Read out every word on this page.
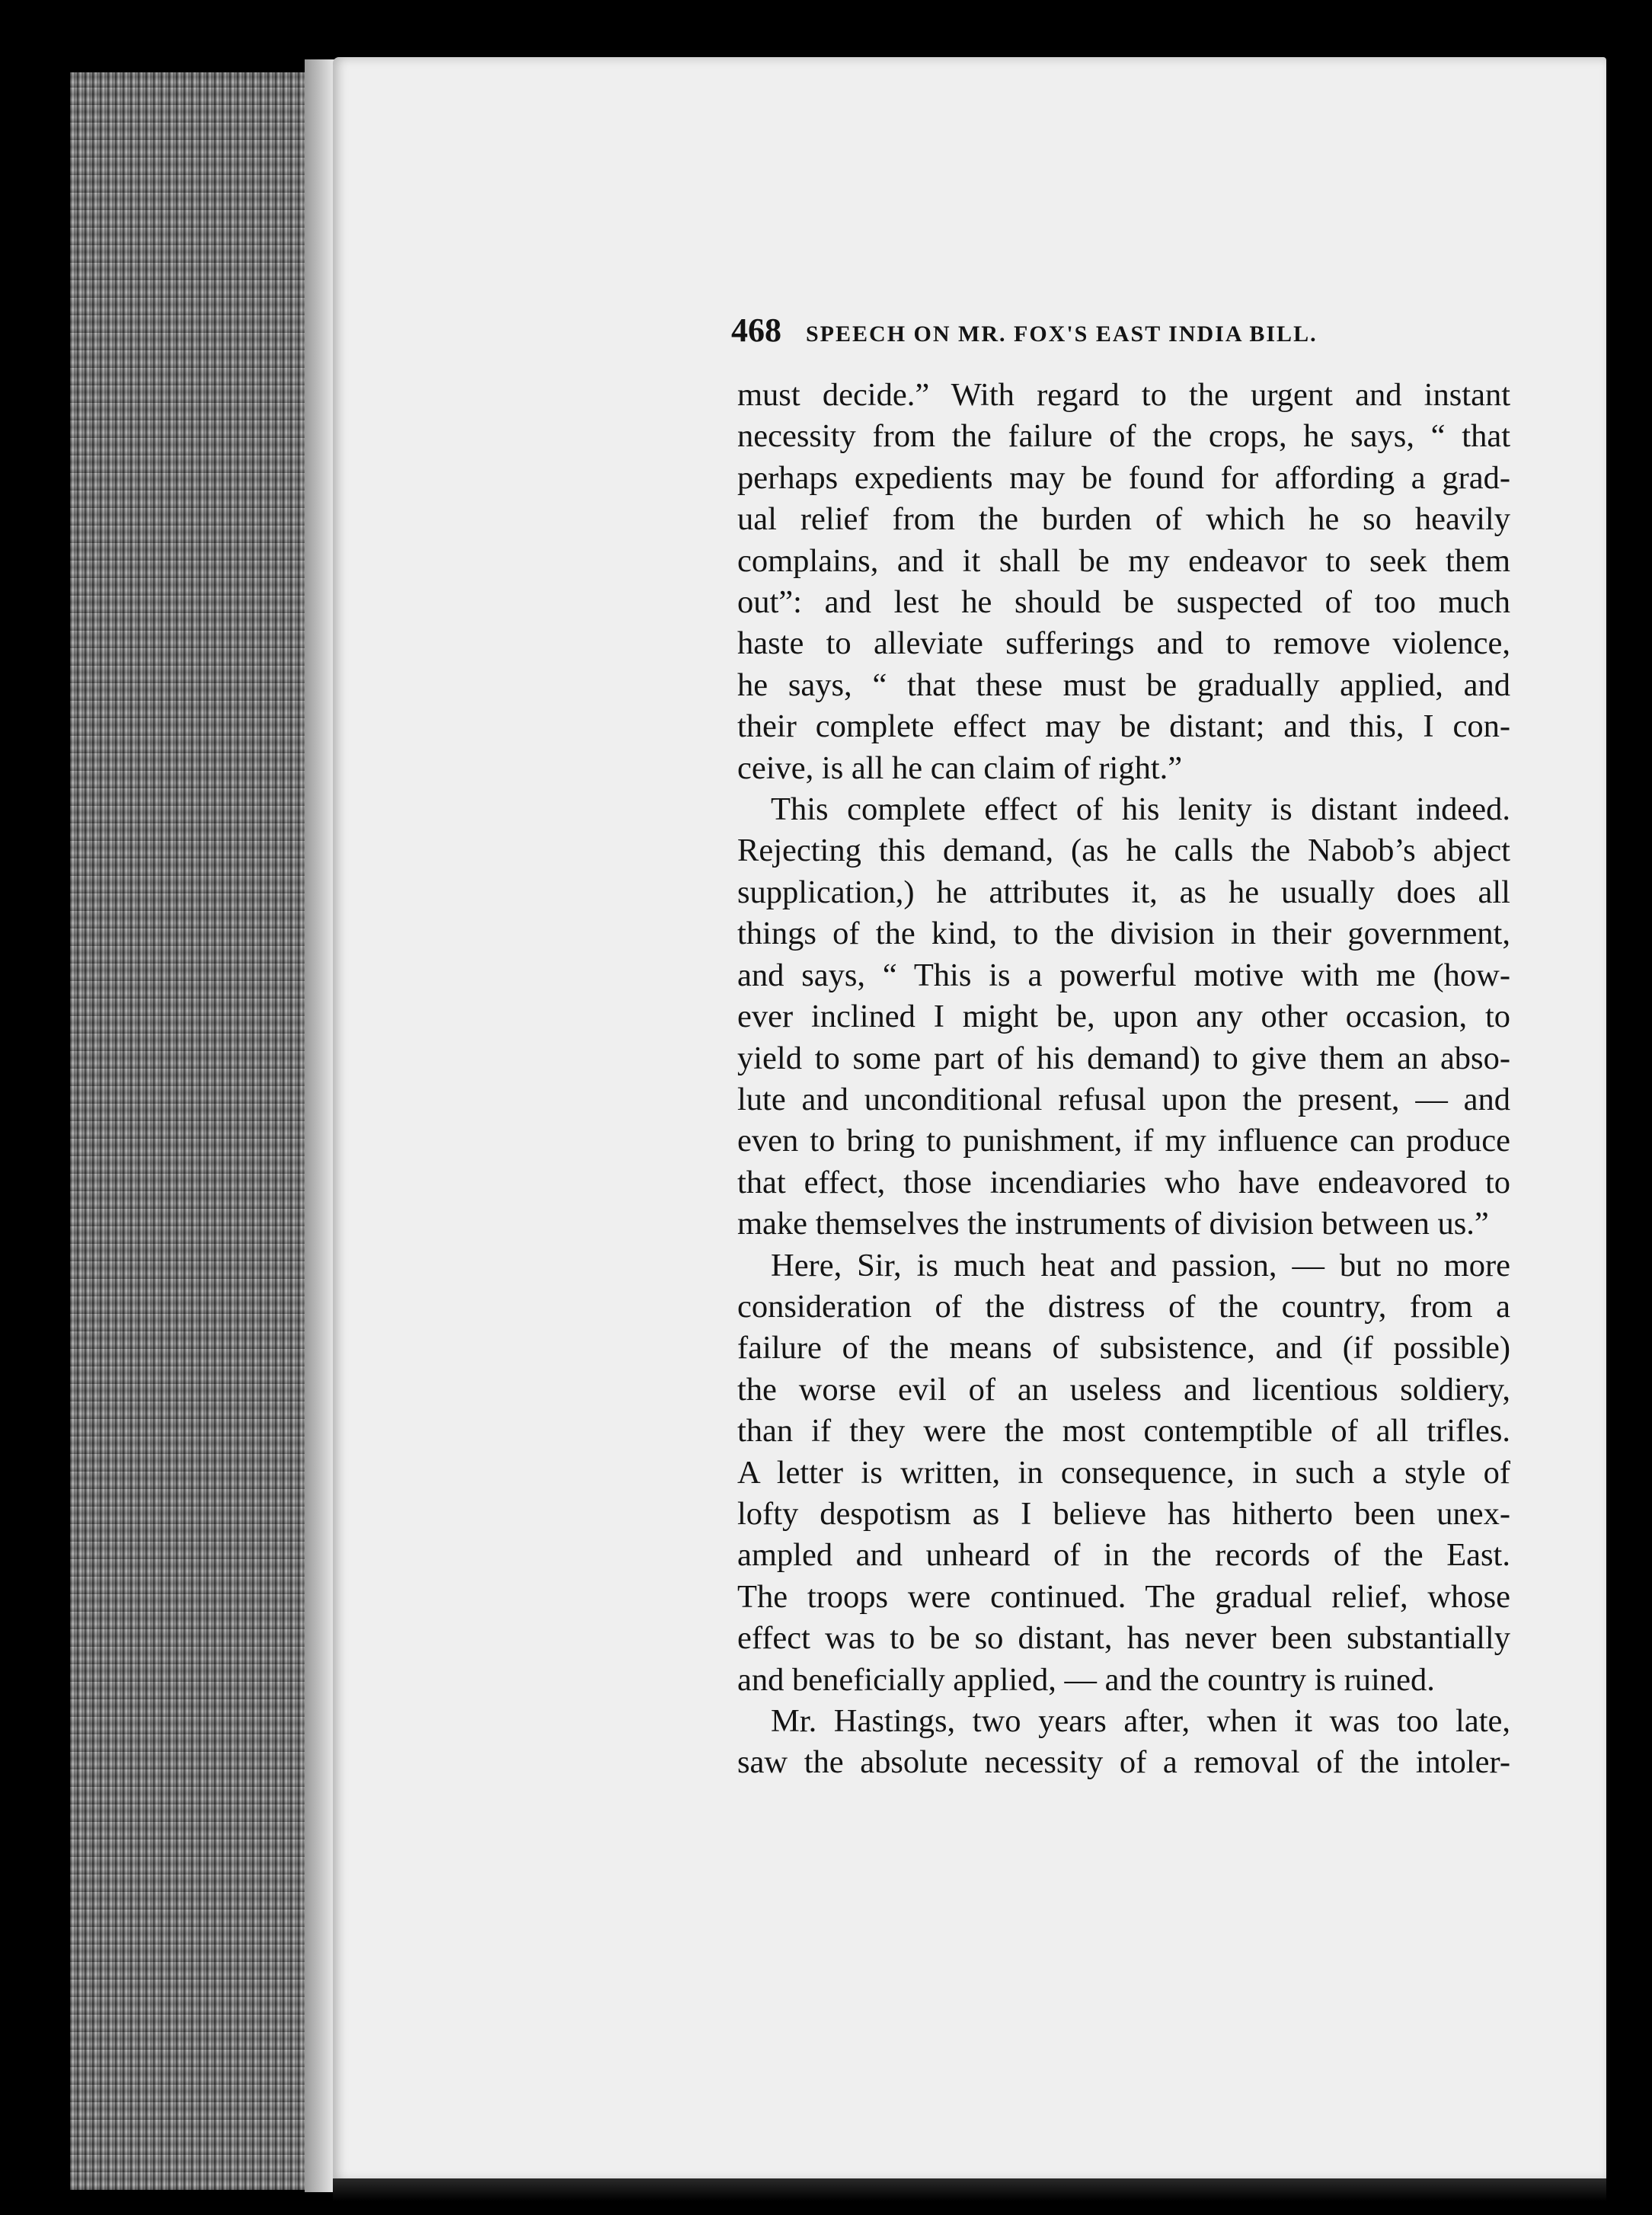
468 SPEECH ON MR. FOX'S EAST INDIA BILL.

must decide.” With regard to the urgent and instant
necessity from the failure of the crops, he says, “ that
perhaps expedients may be found for affording a grad-
ual relief from the burden of which he so heavily
complains, and it shall be my endeavor to seek them
out”: and lest he should be suspected of too much
haste to alleviate sufferings and to remove violence,
he says, “ that these must be gradually applied, and
their complete effect may be distant; and this, I con-
ceive, is all he can claim of right.”

This complete effect of his lenity is distant indeed.
Rejecting this demand, (as he calls the Nabob’s abject
supplication,) he attributes it, as he usually does all
things of the kind, to the division in their government,
and says, “ This is a powerful motive with me (how-
ever inclined I might be, upon any other occasion, to
yield to some part of his demand) to give them an abso-
lute and unconditional refusal upon the present, — and
even to bring to punishment, if my influence can produce
that effect, those incendiaries who have endeavored to
make themselves the instruments of division between us.”

Here, Sir, is much heat and passion, — but no more
consideration of the distress of the country, from a
failure of the means of subsistence, and (if possible)
the worse evil of an useless and licentious soldiery,
than if they were the most contemptible of all trifles.
A letter is written, in consequence, in such a style of
lofty despotism as I believe has hitherto been unex-
ampled and unheard of in the records of the East.
The troops were continued. The gradual relief, whose
effect was to be so distant, has never been substantially
and beneficially applied, — and the country is ruined.

Mr. Hastings, two years after, when it was too late,
saw the absolute necessity of a removal of the intoler-
